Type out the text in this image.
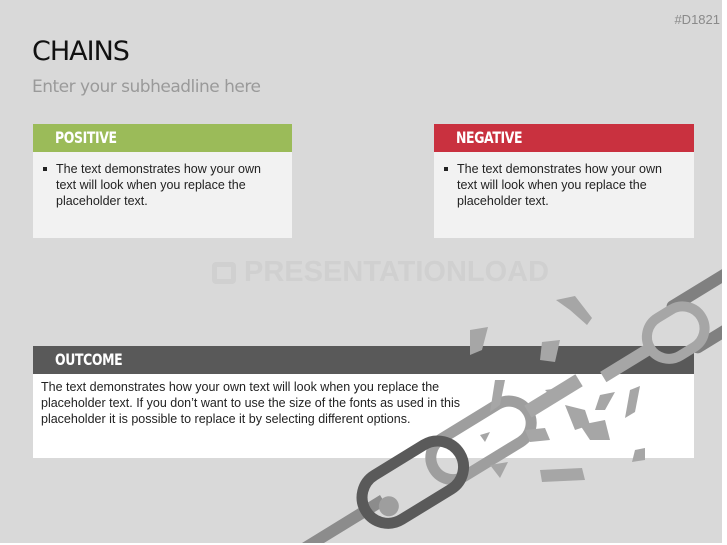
#D1821
CHAINS
Enter your subheadline here
PRESENTATIONLOAD
POSITIVE
The text demonstrates how your own text will look when you replace the placeholder text.
NEGATIVE
The text demonstrates how your own text will look when you replace the placeholder text.
OUTCOME

The text demonstrates how your own text will look when you replace the placeholder text. If you don’t want to use the size of the fonts as used in this placeholder it is possible to replace it by selecting different options.
